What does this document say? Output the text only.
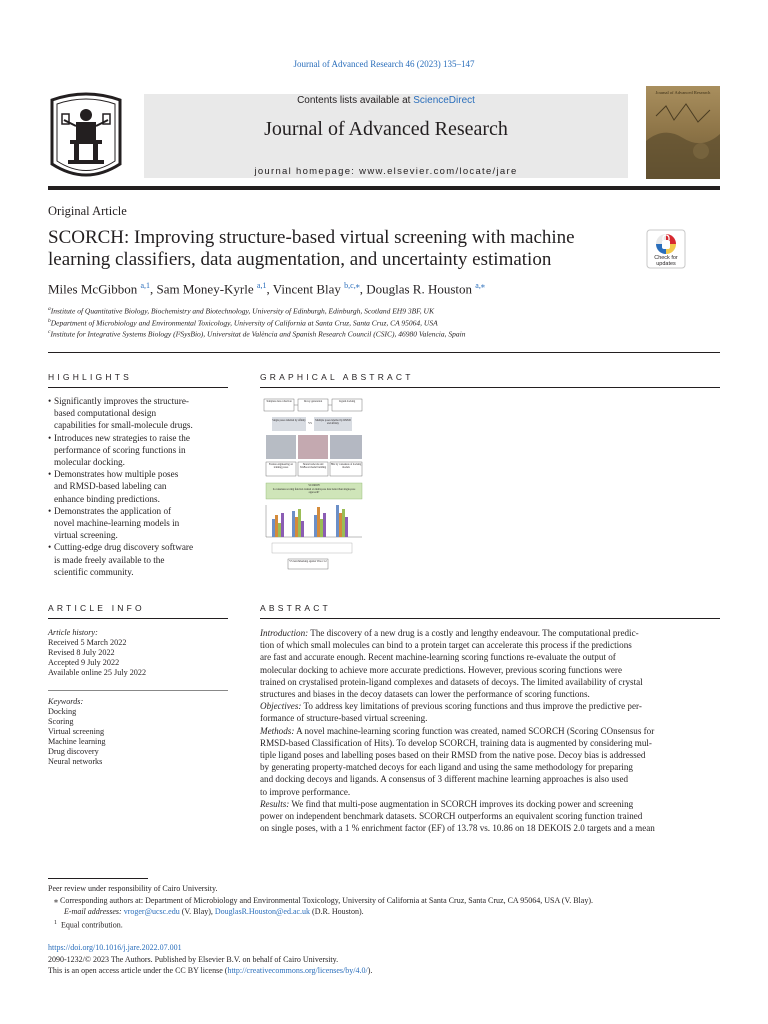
Journal of Advanced Research 46 (2023) 135–147
Contents lists available at ScienceDirect
Journal of Advanced Research
journal homepage: www.elsevier.com/locate/jare
Journal of Advanced Research
Original Article
SCORCH: Improving structure-based virtual screening with machine
learning classifiers, data augmentation, and uncertainty estimation	Check for
updates
Miles McGibbon $^{a,1}$, Sam Money-Kyrle $^{a,1}$, Vincent Blay $^{b,c,⁎}$, Douglas R. Houston $^{a,⁎}$
$^a$Institute of Quantitative Biology, Biochemistry and Biotechnology, University of Edinburgh, Edinburgh, Scotland EH9 3BF, UK
$^b$Department of Microbiology and Environmental Toxicology, University of California at Santa Cruz, Santa Cruz, CA 95064, USA
$^c$Institute for Integrative Systems Biology (I²SysBio), Universitat de València and Spanish Research Council (CSIC), 46980 Valencia, Spain
HIGHLIGHTS
• Significantly improves the structure-
based computational design
capabilities for small-molecule drugs.
• Introduces new strategies to raise the
performance of scoring functions in
molecular docking.
• Demonstrates how multiple poses
and RMSD-based labeling can
enhance binding predictions.
• Demonstrates the application of
novel machine-learning models in
virtual screening.
• Cutting-edge drug discovery software
is made freely available to the
scientific community.
GRAPHICAL ABSTRACT
Template data collection	Decoy generation	Ligand docking
Single poses labelled by affinity
VS
Multiple poses labelled by RMSD and affinity
Feature engineering on training poses
Neural network and XGBoost model building
Hits by consensus of docking models
SCORCH
Is consensus scoring function trained on multi-pose data better than single-pose approach?
VS benchmarking against Vina v1.2
ARTICLE INFO
Article history:
Received 5 March 2022
Revised 8 July 2022
Accepted 9 July 2022
Available online 25 July 2022
Keywords:
Docking
Scoring
Virtual screening
Machine learning
Drug discovery
Neural networks
ABSTRACT
Introduction: The discovery of a new drug is a costly and lengthy endeavour. The computational predic-
tion of which small molecules can bind to a protein target can accelerate this process if the predictions
are fast and accurate enough. Recent machine-learning scoring functions re-evaluate the output of
molecular docking to achieve more accurate predictions. However, previous scoring functions were
trained on crystalised protein-ligand complexes and datasets of decoys. The limited availability of crystal
structures and biases in the decoy datasets can lower the performance of scoring functions.
Objectives: To address key limitations of previous scoring functions and thus improve the predictive per-
formance of structure-based virtual screening.
Methods: A novel machine-learning scoring function was created, named SCORCH (Scoring COnsensus for
RMSD-based Classification of Hits). To develop SCORCH, training data is augmented by considering mul-
tiple ligand poses and labelling poses based on their RMSD from the native pose. Decoy bias is addressed
by generating property-matched decoys for each ligand and using the same methodology for preparing
and docking decoys and ligands. A consensus of 3 different machine learning approaches is also used
to improve performance.
Results: We find that multi-pose augmentation in SCORCH improves its docking power and screening
power on independent benchmark datasets. SCORCH outperforms an equivalent scoring function trained
on single poses, with a 1 % enrichment factor (EF) of 13.78 vs. 10.86 on 18 DEKOIS 2.0 targets and a mean
Peer review under responsibility of Cairo University.
⁎ Corresponding authors at: Department of Microbiology and Environmental Toxicology, University of California at Santa Cruz, Santa Cruz, CA 95064, USA (V. Blay).
E-mail addresses: vroger@ucsc.edu (V. Blay), DouglasR.Houston@ed.ac.uk (D.R. Houston).
$^1$ Equal contribution.
https://doi.org/10.1016/j.jare.2022.07.001
2090-1232/© 2023 The Authors. Published by Elsevier B.V. on behalf of Cairo University.
This is an open access article under the CC BY license (http://creativecommons.org/licenses/by/4.0/).
